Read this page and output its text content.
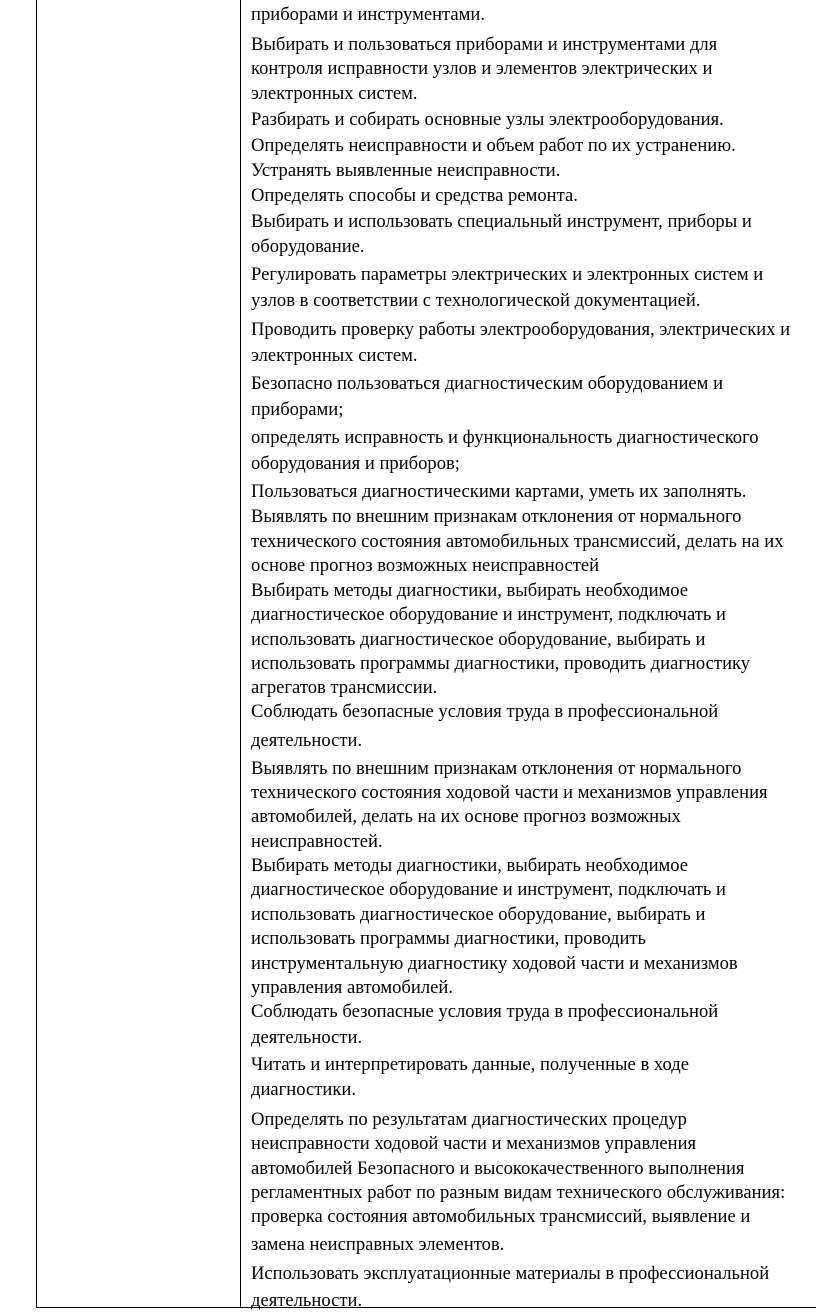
приборами и инструментами.
Выбирать и пользоваться приборами и инструментами для
контроля исправности узлов и элементов электрических и
электронных систем.
Разбирать и собирать основные узлы электрооборудования.
Определять неисправности и объем работ по их устранению.
Устранять выявленные неисправности.
Определять способы и средства ремонта.
Выбирать и использовать специальный инструмент, приборы и
оборудование.
Регулировать параметры электрических и электронных систем и
узлов в соответствии с технологической документацией.
Проводить проверку работы электрооборудования, электрических и
электронных систем.
Безопасно пользоваться диагностическим оборудованием и
приборами;
определять исправность и функциональность диагностического
оборудования и приборов;
Пользоваться диагностическими картами, уметь их заполнять.
Выявлять по внешним признакам отклонения от нормального
технического состояния автомобильных трансмиссий, делать на их
основе прогноз возможных неисправностей
Выбирать методы диагностики, выбирать необходимое
диагностическое оборудование и инструмент, подключать и
использовать диагностическое оборудование, выбирать и
использовать программы диагностики, проводить диагностику
агрегатов трансмиссии.
Соблюдать безопасные условия труда в профессиональной
деятельности.
Выявлять по внешним признакам отклонения от нормального
технического состояния ходовой части и механизмов управления
автомобилей, делать на их основе прогноз возможных
неисправностей.
Выбирать методы диагностики, выбирать необходимое
диагностическое оборудование и инструмент, подключать и
использовать диагностическое оборудование, выбирать и
использовать программы диагностики, проводить
инструментальную диагностику ходовой части и механизмов
управления автомобилей.
Соблюдать безопасные условия труда в профессиональной
деятельности.
Читать и интерпретировать данные, полученные в ходе
диагностики.
Определять по результатам диагностических процедур
неисправности ходовой части и механизмов управления
автомобилей Безопасного и высококачественного выполнения
регламентных работ по разным видам технического обслуживания:
проверка состояния автомобильных трансмиссий, выявление и
замена неисправных элементов.
Использовать эксплуатационные материалы в профессиональной
деятельности.
